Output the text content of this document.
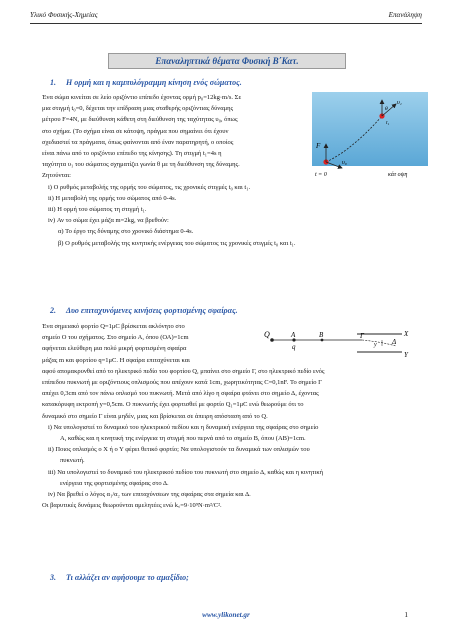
Υλικό Φυσικής-Χημείας	Επανάληψη
Επαναληπτικά θέματα Φυσική Β΄Κατ.
1. Η ορμή και η καμπυλόγραμμη κίνηση ενός σώματος.
Ένα σώμα κινείται σε λείο οριζόντιο επίπεδο έχοντας ορμή p₀=12kg·m/s. Σε
μια στιγμή t₀=0, δέχεται την επίδραση μιας σταθερής οριζόντιας δύναμης
μέτρου F=4N, με διεύθυνση κάθετη στη διεύθυνση της ταχύτητας υ₀, όπως
στο σχήμα. (Το σχήμα είναι σε κάτοψη, πράγμα που σημαίνει ότι έχουν
σχεδιαστεί τα πράγματα, όπως φαίνονται από έναν παρατηρητή, ο οποίος
είναι πάνω από το οριζόντιο επίπεδο της κίνησης). Τη στιγμή t₁=4s η
ταχύτητα υ₁ του σώματος σχηματίζει γωνία θ με τη διεύθυνση της δύναμης.
Ζητούνται:
i) Ο ρυθμός μεταβολής της ορμής του σώματος, τις χρονικές στιγμές t₀ και t₁.
ii) Η μεταβολή της ορμής του σώματος από 0-4s.
iii) Η ορμή του σώματος τη στιγμή t₁.
iv) Αν το σώμα έχει μάζα m=2kg, να βρεθούν:
α) Το έργο της δύναμης στο χρονικό διάστημα 0-4s.
β) Ο ρυθμός μεταβολής της κινητικής ενέργειας του σώματος τις χρονικές στιγμές t₀ και t₁.
F
υ₀
υ₁
θ
t = 0
t₁
κάτ οψη
2. Δυο επιταχυνόμενες κινήσεις φορτισμένης σφαίρας.
Ένα σημειακό φορτίο Q=1μC βρίσκεται ακλόνητο στο
σημείο Ο του σχήματος. Στο σημείο Α, όπου (ΟΑ)=1cm
αφήνεται ελεύθερη μια πολύ μικρή φορτισμένη σφαίρα
μάζας m και φορτίου q=1μC. Η σφαίρα επιταχύνεται και
αφού απομακρυνθεί από το ηλεκτρικό πεδίο του φορτίου Q, μπαίνει στο σημείο Γ, στο ηλεκτρικό πεδίο ενός
επίπεδου πυκνωτή με οριζόντιους οπλισμούς που απέχουν κατά 1cm, χωρητικότητας C=0,1nF. Το σημείο Γ
απέχει 0,3cm από τον πάνω οπλισμό του πυκνωτή. Μετά από λίγο η σφαίρα φτάνει στο σημείο Δ, έχοντας
κατακόρυφη εκτροπή y=0,5cm. Ο πυκνωτής έχει φορτισθεί με φορτίο Q₁=1μC ενώ θεωρούμε ότι το
δυναμικό στο σημείο Γ είναι μηδέν, μιας και βρίσκεται σε άπειρη απόσταση από το Q.
i) Να υπολογιστεί το δυναμικό του ηλεκτρικού πεδίου και η δυναμική ενέργεια της σφαίρας στο σημείο
Α, καθώς και η κινητική της ενέργεια τη στιγμή που περνά από το σημείο Β, όπου (ΑΒ)=1cm.
ii) Ποιος οπλισμός ο Χ ή ο Υ φέρει θετικό φορτίο; Να υπολογιστούν τα δυναμικά των οπλισμών του
πυκνωτή.
iii) Να υπολογιστεί το δυναμικό του ηλεκτρικού πεδίου του πυκνωτή στο σημείο Δ, καθώς και η κινητική
ενέργεια της φορτισμένης σφαίρας στο Δ.
iv) Να βρεθεί ο λόγος α₁/α₂ των επιταχύνσεων της σφαίρας στα σημεία και Δ.
Οι βαρυτικές δυνάμεις θεωρούνται αμελητέες ενώ k꜀=9·10⁹N·m²/C².
Q	A
q
B	Γ	X
y Δ
Y
3. Τι αλλάζει αν αφήσουμε το αμαξίδιο;
www.ylikonet.gr	1
